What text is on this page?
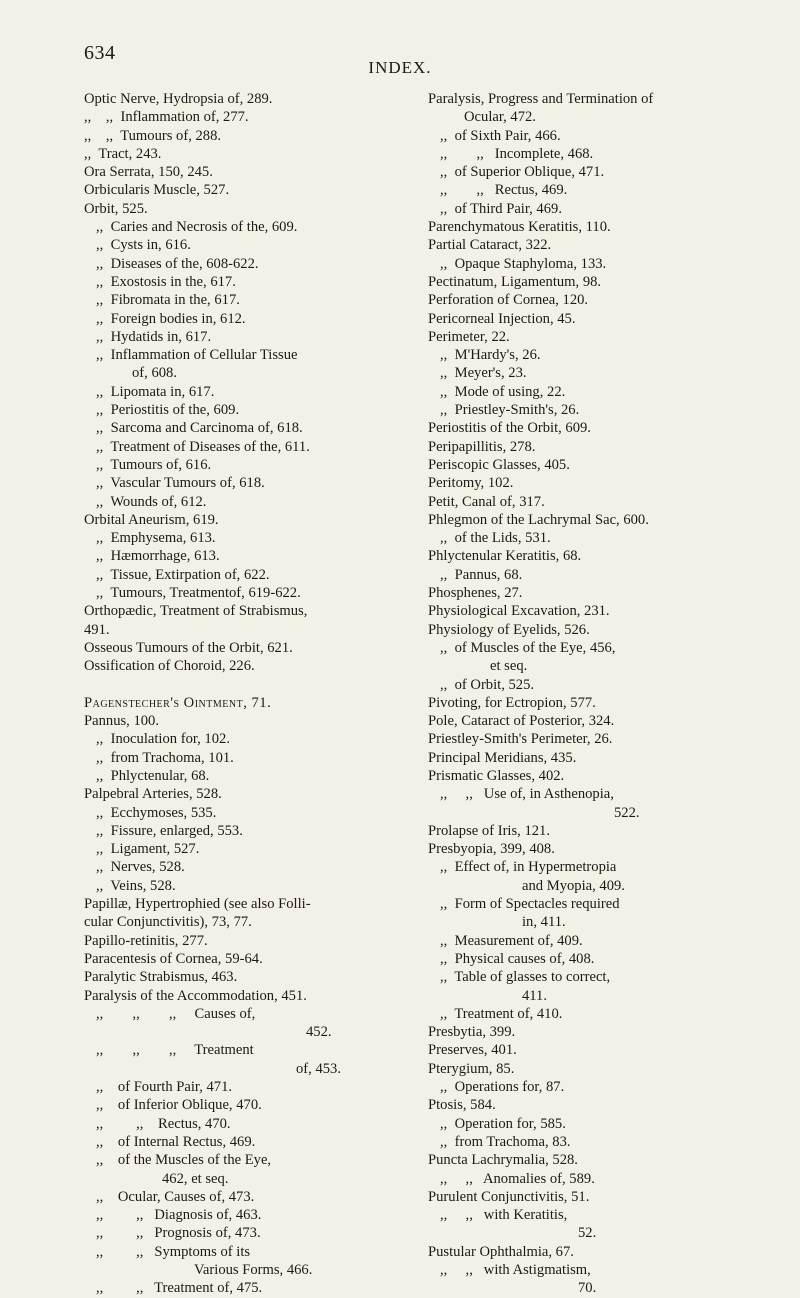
634
INDEX.
Optic Nerve, Hydropsia of, 289.
,,    ,,  Inflammation of, 277.
,,    ,,  Tumours of, 288.
,,  Tract, 243.
Ora Serrata, 150, 245.
Orbicularis Muscle, 527.
Orbit, 525.
,,  Caries and Necrosis of the, 609.
,,  Cysts in, 616.
,,  Diseases of the, 608-622.
,,  Exostosis in the, 617.
,,  Fibromata in the, 617.
,,  Foreign bodies in, 612.
,,  Hydatids in, 617.
,,  Inflammation of Cellular Tissue
of, 608.
,,  Lipomata in, 617.
,,  Periostitis of the, 609.
,,  Sarcoma and Carcinoma of, 618.
,,  Treatment of Diseases of the, 611.
,,  Tumours of, 616.
,,  Vascular Tumours of, 618.
,,  Wounds of, 612.
Orbital Aneurism, 619.
,,  Emphysema, 613.
,,  Hæmorrhage, 613.
,,  Tissue, Extirpation of, 622.
,,  Tumours, Treatmentof, 619-622.
Orthopædic, Treatment of Strabismus,
491.
Osseous Tumours of the Orbit, 621.
Ossification of Choroid, 226.
Pagenstecher's Ointment, 71.
Pannus, 100.
,,  Inoculation for, 102.
,,  from Trachoma, 101.
,,  Phlyctenular, 68.
Palpebral Arteries, 528.
,,  Ecchymoses, 535.
,,  Fissure, enlarged, 553.
,,  Ligament, 527.
,,  Nerves, 528.
,,  Veins, 528.
Papillæ, Hypertrophied (see also Folli-
cular Conjunctivitis), 73, 77.
Papillo-retinitis, 277.
Paracentesis of Cornea, 59-64.
Paralytic Strabismus, 463.
Paralysis of the Accommodation, 451.
,,        ,,        ,,     Causes of,
452.
,,        ,,        ,,     Treatment
of, 453.
,,    of Fourth Pair, 471.
,,    of Inferior Oblique, 470.
,,         ,,    Rectus, 470.
,,    of Internal Rectus, 469.
,,    of the Muscles of the Eye,
462, et seq.
,,    Ocular, Causes of, 473.
,,         ,,   Diagnosis of, 463.
,,         ,,   Prognosis of, 473.
,,         ,,   Symptoms of its
Various Forms, 466.
,,         ,,   Treatment of, 475.
Paralysis, Progress and Termination of
Ocular, 472.
,,  of Sixth Pair, 466.
,,        ,,   Incomplete, 468.
,,  of Superior Oblique, 471.
,,        ,,   Rectus, 469.
,,  of Third Pair, 469.
Parenchymatous Keratitis, 110.
Partial Cataract, 322.
,,  Opaque Staphyloma, 133.
Pectinatum, Ligamentum, 98.
Perforation of Cornea, 120.
Pericorneal Injection, 45.
Perimeter, 22.
,,  M'Hardy's, 26.
,,  Meyer's, 23.
,,  Mode of using, 22.
,,  Priestley-Smith's, 26.
Periostitis of the Orbit, 609.
Peripapillitis, 278.
Periscopic Glasses, 405.
Peritomy, 102.
Petit, Canal of, 317.
Phlegmon of the Lachrymal Sac, 600.
,,  of the Lids, 531.
Phlyctenular Keratitis, 68.
,,  Pannus, 68.
Phosphenes, 27.
Physiological Excavation, 231.
Physiology of Eyelids, 526.
,,  of Muscles of the Eye, 456,
et seq.
,,  of Orbit, 525.
Pivoting, for Ectropion, 577.
Pole, Cataract of Posterior, 324.
Priestley-Smith's Perimeter, 26.
Principal Meridians, 435.
Prismatic Glasses, 402.
,,     ,,   Use of, in Asthenopia,
522.
Prolapse of Iris, 121.
Presbyopia, 399, 408.
,,  Effect of, in Hypermetropia
and Myopia, 409.
,,  Form of Spectacles required
in, 411.
,,  Measurement of, 409.
,,  Physical causes of, 408.
,,  Table of glasses to correct,
411.
,,  Treatment of, 410.
Presbytia, 399.
Preserves, 401.
Pterygium, 85.
,,  Operations for, 87.
Ptosis, 584.
,,  Operation for, 585.
,,  from Trachoma, 83.
Puncta Lachrymalia, 528.
,,     ,,   Anomalies of, 589.
Purulent Conjunctivitis, 51.
,,     ,,   with Keratitis,
52.
Pustular Ophthalmia, 67.
,,     ,,   with Astigmatism,
70.
